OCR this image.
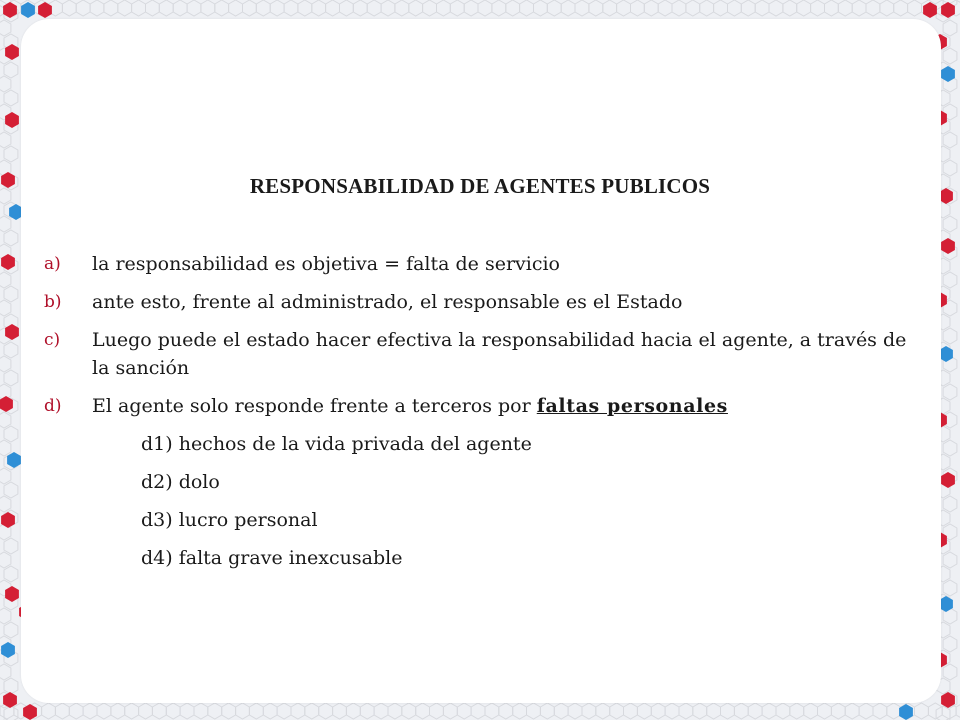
RESPONSABILIDAD DE AGENTES PUBLICOS
a)	la responsabilidad es objetiva = falta de servicio
b)	ante esto, frente al administrado, el responsable es el Estado
c)	Luego puede el estado hacer efectiva la responsabilidad hacia el agente, a través de la sanción
d)	El agente solo responde frente a terceros por faltas personales
d1) hechos de la vida privada del agente
d2) dolo
d3) lucro personal
d4) falta grave inexcusable
